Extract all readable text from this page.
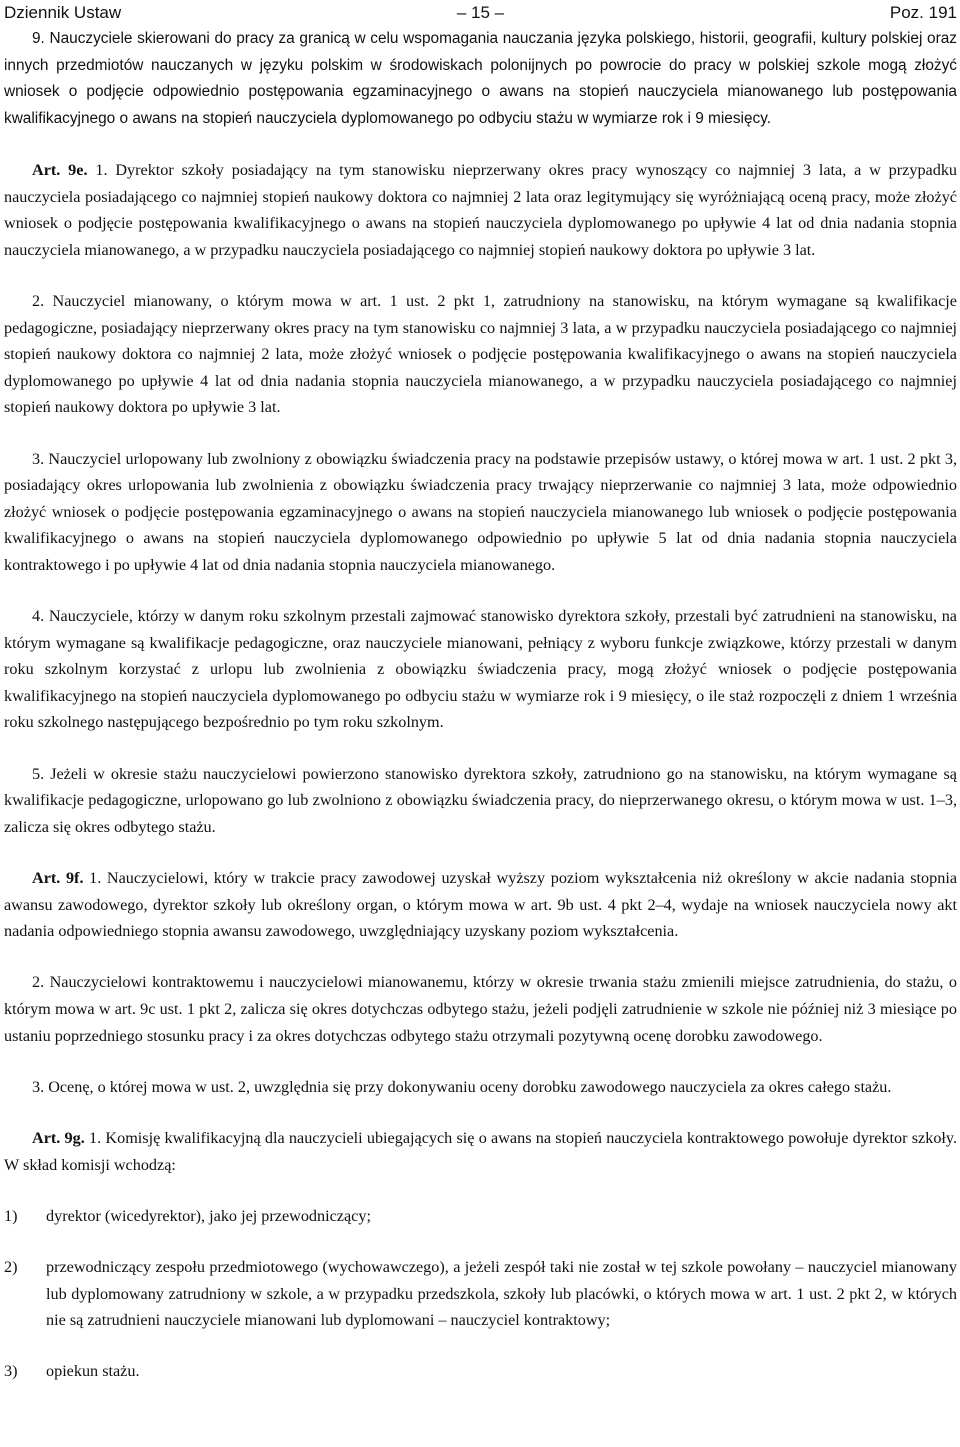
Dziennik Ustaw	– 15 –	Poz. 191

9. Nauczyciele skierowani do pracy za granicą w celu wspomagania nauczania języka polskiego, historii, geografii, kultury polskiej oraz innych przedmiotów nauczanych w języku polskim w środowiskach polonijnych po powrocie do pracy w polskiej szkole mogą złożyć wniosek o podjęcie odpowiednio postępowania egzaminacyjnego o awans na stopień nauczyciela mianowanego lub postępowania kwalifikacyjnego o awans na stopień nauczyciela dyplomowanego po odbyciu stażu w wymiarze rok i 9 miesięcy.

Art. 9e. 1. Dyrektor szkoły posiadający na tym stanowisku nieprzerwany okres pracy wynoszący co najmniej 3 lata, a w przypadku nauczyciela posiadającego co najmniej stopień naukowy doktora co najmniej 2 lata oraz legitymujący się wyróżniającą oceną pracy, może złożyć wniosek o podjęcie postępowania kwalifikacyjnego o awans na stopień nauczyciela dyplomowanego po upływie 4 lat od dnia nadania stopnia nauczyciela mianowanego, a w przypadku nauczyciela posiadającego co najmniej stopień naukowy doktora po upływie 3 lat.

2. Nauczyciel mianowany, o którym mowa w art. 1 ust. 2 pkt 1, zatrudniony na stanowisku, na którym wymagane są kwalifikacje pedagogiczne, posiadający nieprzerwany okres pracy na tym stanowisku co najmniej 3 lata, a w przypadku nauczyciela posiadającego co najmniej stopień naukowy doktora co najmniej 2 lata, może złożyć wniosek o podjęcie postępowania kwalifikacyjnego o awans na stopień nauczyciela dyplomowanego po upływie 4 lat od dnia nadania stopnia nauczyciela mianowanego, a w przypadku nauczyciela posiadającego co najmniej stopień naukowy doktora po upływie 3 lat.

3. Nauczyciel urlopowany lub zwolniony z obowiązku świadczenia pracy na podstawie przepisów ustawy, o której mowa w art. 1 ust. 2 pkt 3, posiadający okres urlopowania lub zwolnienia z obowiązku świadczenia pracy trwający nieprzerwanie co najmniej 3 lata, może odpowiednio złożyć wniosek o podjęcie postępowania egzaminacyjnego o awans na stopień nauczyciela mianowanego lub wniosek o podjęcie postępowania kwalifikacyjnego o awans na stopień nauczyciela dyplomowanego odpowiednio po upływie 5 lat od dnia nadania stopnia nauczyciela kontraktowego i po upływie 4 lat od dnia nadania stopnia nauczyciela mianowanego.

4. Nauczyciele, którzy w danym roku szkolnym przestali zajmować stanowisko dyrektora szkoły, przestali być zatrudnieni na stanowisku, na którym wymagane są kwalifikacje pedagogiczne, oraz nauczyciele mianowani, pełniący z wyboru funkcje związkowe, którzy przestali w danym roku szkolnym korzystać z urlopu lub zwolnienia z obowiązku świadczenia pracy, mogą złożyć wniosek o podjęcie postępowania kwalifikacyjnego na stopień nauczyciela dyplomowanego po odbyciu stażu w wymiarze rok i 9 miesięcy, o ile staż rozpoczęli z dniem 1 września roku szkolnego następującego bezpośrednio po tym roku szkolnym.

5. Jeżeli w okresie stażu nauczycielowi powierzono stanowisko dyrektora szkoły, zatrudniono go na stanowisku, na którym wymagane są kwalifikacje pedagogiczne, urlopowano go lub zwolniono z obowiązku świadczenia pracy, do nieprzerwanego okresu, o którym mowa w ust. 1–3, zalicza się okres odbytego stażu.

Art. 9f. 1. Nauczycielowi, który w trakcie pracy zawodowej uzyskał wyższy poziom wykształcenia niż określony w akcie nadania stopnia awansu zawodowego, dyrektor szkoły lub określony organ, o którym mowa w art. 9b ust. 4 pkt 2–4, wydaje na wniosek nauczyciela nowy akt nadania odpowiedniego stopnia awansu zawodowego, uwzględniający uzyskany poziom wykształcenia.

2. Nauczycielowi kontraktowemu i nauczycielowi mianowanemu, którzy w okresie trwania stażu zmienili miejsce zatrudnienia, do stażu, o którym mowa w art. 9c ust. 1 pkt 2, zalicza się okres dotychczas odbytego stażu, jeżeli podjęli zatrudnienie w szkole nie później niż 3 miesiące po ustaniu poprzedniego stosunku pracy i za okres dotychczas odbytego stażu otrzymali pozytywną ocenę dorobku zawodowego.

3. Ocenę, o której mowa w ust. 2, uwzględnia się przy dokonywaniu oceny dorobku zawodowego nauczyciela za okres całego stażu.

Art. 9g. 1. Komisję kwalifikacyjną dla nauczycieli ubiegających się o awans na stopień nauczyciela kontraktowego powołuje dyrektor szkoły. W skład komisji wchodzą:

1) dyrektor (wicedyrektor), jako jej przewodniczący;

2) przewodniczący zespołu przedmiotowego (wychowawczego), a jeżeli zespół taki nie został w tej szkole powołany – nauczyciel mianowany lub dyplomowany zatrudniony w szkole, a w przypadku przedszkola, szkoły lub placówki, o których mowa w art. 1 ust. 2 pkt 2, w których nie są zatrudnieni nauczyciele mianowani lub dyplomowani – nauczyciel kontraktowy;

3) opiekun stażu.
